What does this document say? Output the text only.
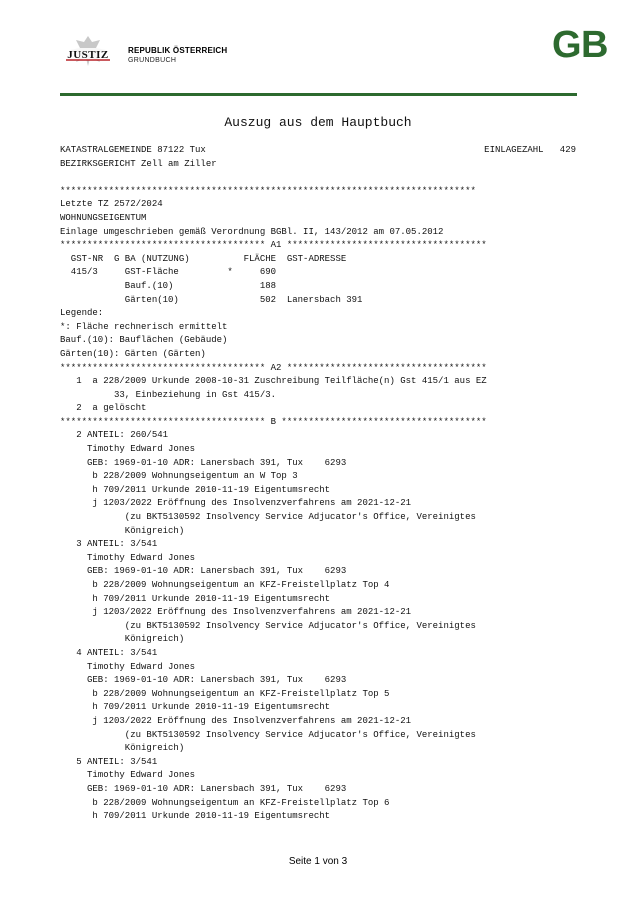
JUSTIZ REPUBLIK ÖSTERREICH
GRUNDBUCH	GB
Auszug aus dem Hauptbuch
KATASTRALGEMEINDE 87122 Tux	EINLAGEZAHL 429
BEZIRKSGERICHT Zell am Ziller

*****************************************************************************
Letzte TZ 2572/2024
WOHNUNGSEIGENTUM
Einlage umgeschrieben gemäß Verordnung BGBl. II, 143/2012 am 07.05.2012
************************************** A1 *************************************
GST-NR  G BA (NUTZUNG)          FLÄCHE  GST-ADRESSE
415/3     GST-Fläche         *     690
Bauf.(10)                188
Gärten(10)               502  Lanersbach 391
Legende:
*: Fläche rechnerisch ermittelt
Bauf.(10): Bauflächen (Gebäude)
Gärten(10): Gärten (Gärten)
************************************** A2 *************************************
1  a 228/2009 Urkunde 2008-10-31 Zuschreibung Teilfläche(n) Gst 415/1 aus EZ
33, Einbeziehung in Gst 415/3.
2  a gelöscht
************************************** B **************************************
2 ANTEIL: 260/541
Timothy Edward Jones
GEB: 1969-01-10 ADR: Lanersbach 391, Tux    6293
b 228/2009 Wohnungseigentum an W Top 3
h 709/2011 Urkunde 2010-11-19 Eigentumsrecht
j 1203/2022 Eröffnung des Insolvenzverfahrens am 2021-12-21
(zu BKT5130592 Insolvency Service Adjucator's Office, Vereinigtes
Königreich)
3 ANTEIL: 3/541
Timothy Edward Jones
GEB: 1969-01-10 ADR: Lanersbach 391, Tux    6293
b 228/2009 Wohnungseigentum an KFZ-Freistellplatz Top 4
h 709/2011 Urkunde 2010-11-19 Eigentumsrecht
j 1203/2022 Eröffnung des Insolvenzverfahrens am 2021-12-21
(zu BKT5130592 Insolvency Service Adjucator's Office, Vereinigtes
Königreich)
4 ANTEIL: 3/541
Timothy Edward Jones
GEB: 1969-01-10 ADR: Lanersbach 391, Tux    6293
b 228/2009 Wohnungseigentum an KFZ-Freistellplatz Top 5
h 709/2011 Urkunde 2010-11-19 Eigentumsrecht
j 1203/2022 Eröffnung des Insolvenzverfahrens am 2021-12-21
(zu BKT5130592 Insolvency Service Adjucator's Office, Vereinigtes
Königreich)
5 ANTEIL: 3/541
Timothy Edward Jones
GEB: 1969-01-10 ADR: Lanersbach 391, Tux    6293
b 228/2009 Wohnungseigentum an KFZ-Freistellplatz Top 6
h 709/2011 Urkunde 2010-11-19 Eigentumsrecht
Seite 1 von 3
